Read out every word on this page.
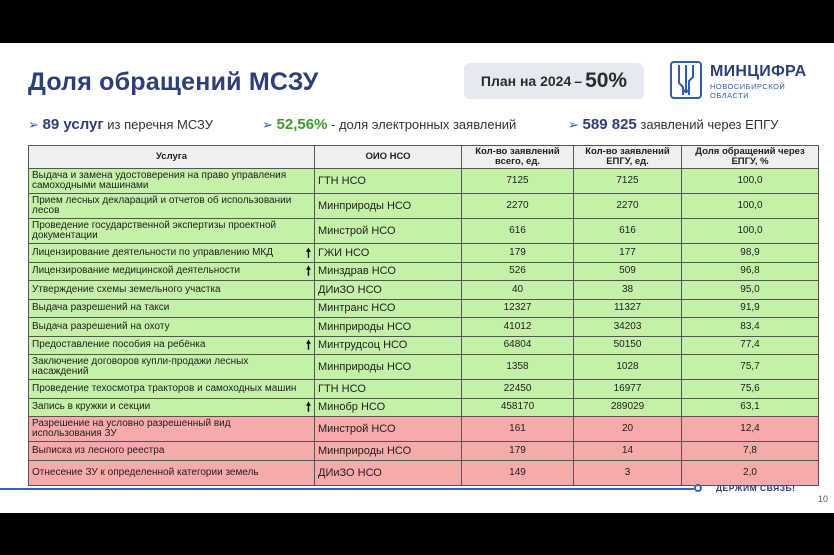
Доля обращений МСЗУ	План на 2024 – 50%	МИНЦИФРА
НОВОСИБИРСКОЙ
ОБЛАСТИ
➢ 89 услуг из перечня МСЗУ	➢ 52,56% - доля электронных заявлений	➢ 589 825 заявлений через ЕПГУ
Услуга	ОИО НСО	Кол-во заявлений всего, ед.	Кол-во заявлений ЕПГУ, ед.	Доля обращений через ЕПГУ, %

Выдача и замена удостоверения на право управления самоходными машинами	ГТН НСО	7125	7125	100,0

Прием лесных деклараций и отчетов об использовании лесов	Минприроды НСО	2270	2270	100,0

Проведение государственной экспертизы проектной документации	Минстрой НСО	616	616	100,0

Лицензирование деятельности по управлению МКД 🠕	ГЖИ НСО	179	177	98,9

Лицензирование медицинской деятельности 🠕	Минздрав НСО	526	509	96,8

Утверждение схемы земельного участка	ДИиЗО НСО	40	38	95,0

Выдача разрешений на такси	Минтранс НСО	12327	11327	91,9

Выдача разрешений на охоту	Минприроды НСО	41012	34203	83,4

Предоставление пособия на ребёнка 🠕	Минтрудсоц НСО	64804	50150	77,4

Заключение договоров купли-продажи лесных насаждений	Минприроды НСО	1358	1028	75,7

Проведение техосмотра тракторов и самоходных машин	ГТН НСО	22450	16977	75,6

Запись в кружки и секции 🠕	Минобр НСО	458170	289029	63,1

Разрешение на условно разрешенный вид использования ЗУ	Минстрой НСО	161	20	12,4

Выписка из лесного реестра	Минприроды НСО	179	14	7,8

Отнесение ЗУ к определенной категории земель	ДИиЗО НСО	149	3	2,0
ДЕРЖИМ СВЯЗЬ!
10
